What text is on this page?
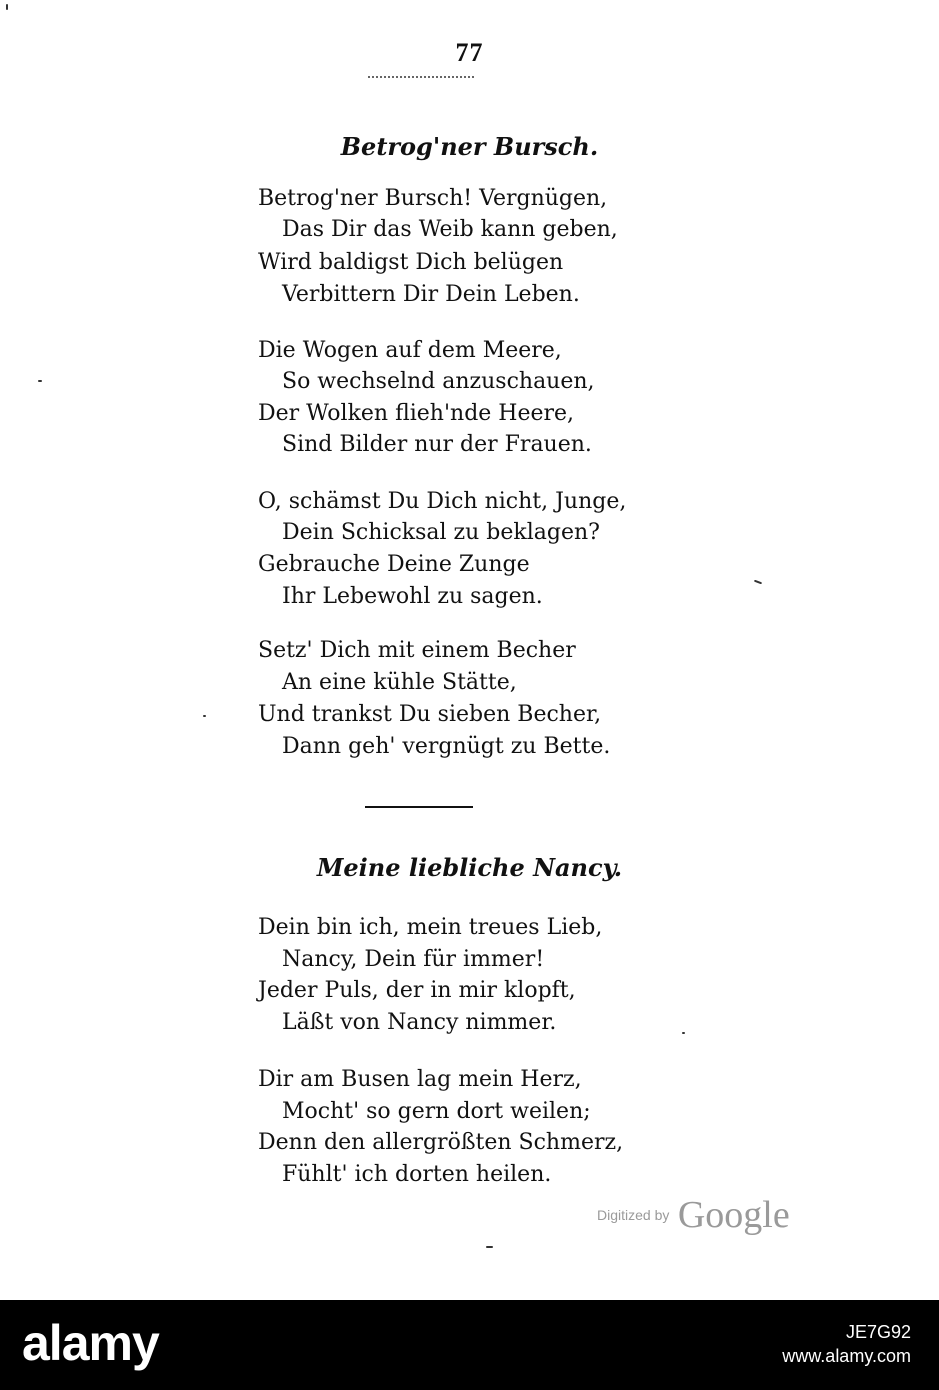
77
Betrog'ner Bursch.
Betrog'ner Bursch! Vergnügen,
Das Dir das Weib kann geben,
Wird baldigst Dich belügen
Verbittern Dir Dein Leben.
Die Wogen auf dem Meere,
So wechselnd anzuschauen,
Der Wolken flieh'nde Heere,
Sind Bilder nur der Frauen.
O, schämst Du Dich nicht, Junge,
Dein Schicksal zu beklagen?
Gebrauche Deine Zunge
Ihr Lebewohl zu sagen.
Setz' Dich mit einem Becher
An eine kühle Stätte,
Und trankst Du sieben Becher,
Dann geh' vergnügt zu Bette.
Meine liebliche Nancy.
Dein bin ich, mein treues Lieb,
Nancy, Dein für immer!
Jeder Puls, der in mir klopft,
Läßt von Nancy nimmer.
Dir am Busen lag mein Herz,
Mocht' so gern dort weilen;
Denn den allergrößten Schmerz,
Fühlt' ich dorten heilen.
Digitized by Google
alamy	JE7G92
www.alamy.com
